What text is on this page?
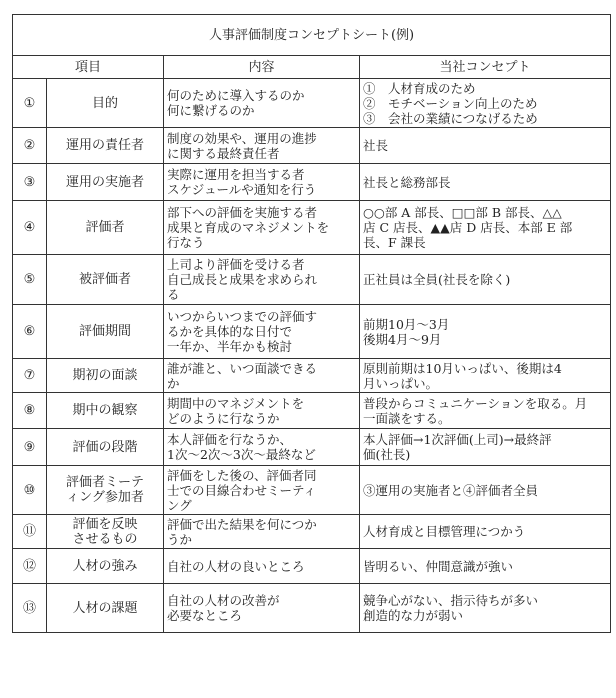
人事評価制度コンセプトシート(例)			
項目		内容	当社コンセプト
①	目的	何のために導入するのか
何に繋げるのか	①　人材育成のため
②　モチベーション向上のため
③　会社の業績につなげるため

②	運用の責任者	制度の効果や、運用の進捗
に関する最終責任者	社長

③	運用の実施者	実際に運用を担当する者
スケジュールや通知を行う	社長と総務部長

④	評価者	部下への評価を実施する者
成果と育成のマネジメントを
行なう	○○部 A 部長、□□部 B 部長、△△
店 C 店長、▲▲店 D 店長、本部 E 部
長、F 課長

⑤	被評価者	上司より評価を受ける者
自己成長と成果を求められ
る	正社員は全員(社長を除く)

⑥	評価期間	いつからいつまでの評価す
るかを具体的な日付で
一年か、半年かも検討	前期10月～3月
後期4月～9月

⑦	期初の面談	誰が誰と、いつ面談できる
か	原則前期は10月いっぱい、後期は4
月いっぱい。

⑧	期中の観察	期間中のマネジメントを
どのように行なうか	普段からコミュニケーションを取る。月
一面談をする。

⑨	評価の段階	本人評価を行なうか、
1次～2次～3次～最終など	本人評価→1次評価(上司)→最終評
価(社長)

⑩	評価者ミーテ
ィング参加者	評価をした後の、評価者同
士での目線合わせミーティ
ング	③運用の実施者と④評価者全員

⑪	評価を反映
させるもの	評価で出た結果を何につか
うか	人材育成と目標管理につかう

⑫	人材の強み	自社の人材の良いところ	皆明るい、仲間意識が強い

⑬	人材の課題	自社の人材の改善が
必要なところ	競争心がない、指示待ちが多い
創造的な力が弱い
